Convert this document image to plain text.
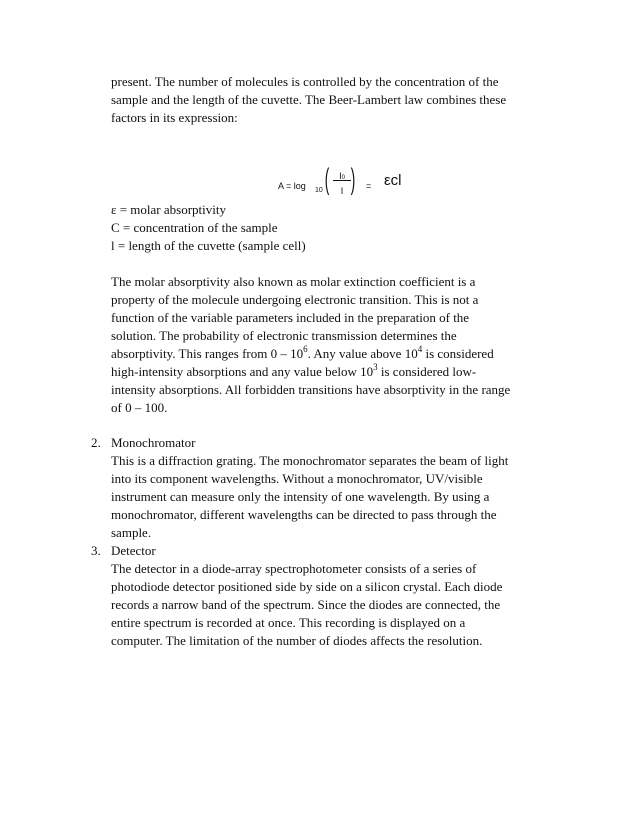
present. The number of molecules is controlled by the concentration of the

sample and the length of the cuvette. The Beer-Lambert law combines these

factors in its expression:

A = log 10 (	I0
I ) = εcl

ε = molar absorptivity

C = concentration of the sample

l = length of the cuvette (sample cell)

The molar absorptivity also known as molar extinction coefficient is a

property of the molecule undergoing electronic transition. This is not a

function of the variable parameters included in the preparation of the

solution. The probability of electronic transmission determines the

absorptivity. This ranges from $0 - 10^6$. Any value above $10^4$ is considered

high-intensity absorptions and any value below $10^3$ is considered low-

intensity absorptions. All forbidden transitions have absorptivity in the range

of 0 – 100.

2. Monochromator

This is a diffraction grating. The monochromator separates the beam of light

into its component wavelengths. Without a monochromator, UV/visible

instrument can measure only the intensity of one wavelength. By using a

monochromator, different wavelengths can be directed to pass through the

sample.

3. Detector

The detector in a diode-array spectrophotometer consists of a series of

photodiode detector positioned side by side on a silicon crystal. Each diode

records a narrow band of the spectrum. Since the diodes are connected, the

entire spectrum is recorded at once. This recording is displayed on a

computer. The limitation of the number of diodes affects the resolution.
